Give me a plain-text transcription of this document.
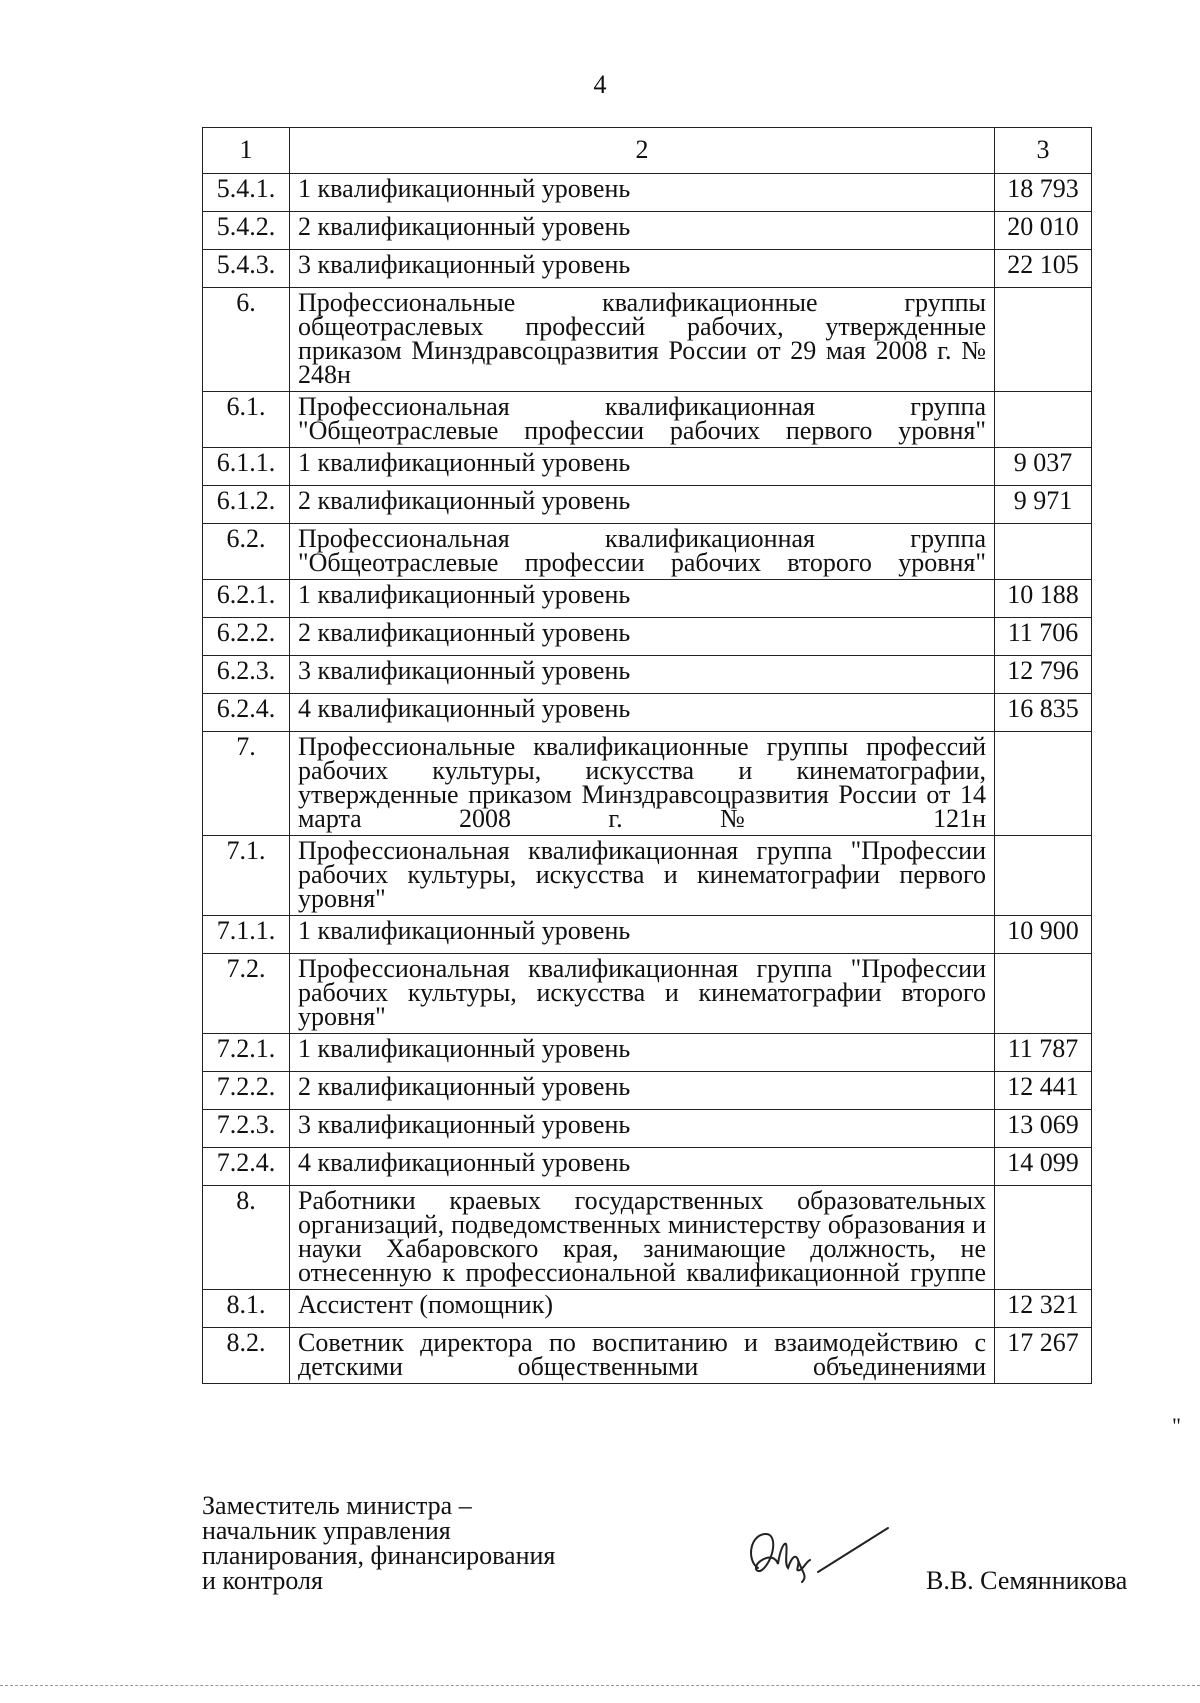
4
1	2	3
5.4.1.	1 квалификационный уровень	18 793
5.4.2.	2 квалификационный уровень	20 010
5.4.3.	3 квалификационный уровень	22 105
6.	Профессиональные квалификационные группы общеотраслевых профессий рабочих, утвержденные приказом Минздравсоцразвития России от 29 мая 2008 г. № 248н	
6.1.	Профессиональная квалификационная группа "Общеотраслевые профессии рабочих первого уровня"	
6.1.1.	1 квалификационный уровень	9 037
6.1.2.	2 квалификационный уровень	9 971
6.2.	Профессиональная квалификационная группа "Общеотраслевые профессии рабочих второго уровня"	
6.2.1.	1 квалификационный уровень	10 188
6.2.2.	2 квалификационный уровень	11 706
6.2.3.	3 квалификационный уровень	12 796
6.2.4.	4 квалификационный уровень	16 835
7.	Профессиональные квалификационные группы профессий рабочих культуры, искусства и кинематографии, утвержденные приказом Минздравсоцразвития России от 14 марта 2008 г. № 121н	
7.1.	Профессиональная квалификационная группа "Профессии рабочих культуры, искусства и кинематографии первого уровня"	
7.1.1.	1 квалификационный уровень	10 900
7.2.	Профессиональная квалификационная группа "Профессии рабочих культуры, искусства и кинематографии второго уровня"	
7.2.1.	1 квалификационный уровень	11 787
7.2.2.	2 квалификационный уровень	12 441
7.2.3.	3 квалификационный уровень	13 069
7.2.4.	4 квалификационный уровень	14 099
8.	Работники краевых государственных образовательных организаций, подведомственных министерству образования и науки Хабаровского края, занимающие должность, не отнесенную к профессиональной квалификационной группе	
8.1.	Ассистент (помощник)	12 321
8.2.	Советник директора по воспитанию и взаимодействию с детскими общественными объединениями	17 267
"
Заместитель министра –
начальник управления
планирования, финансирования
и контроля	В.В. Семянникова
